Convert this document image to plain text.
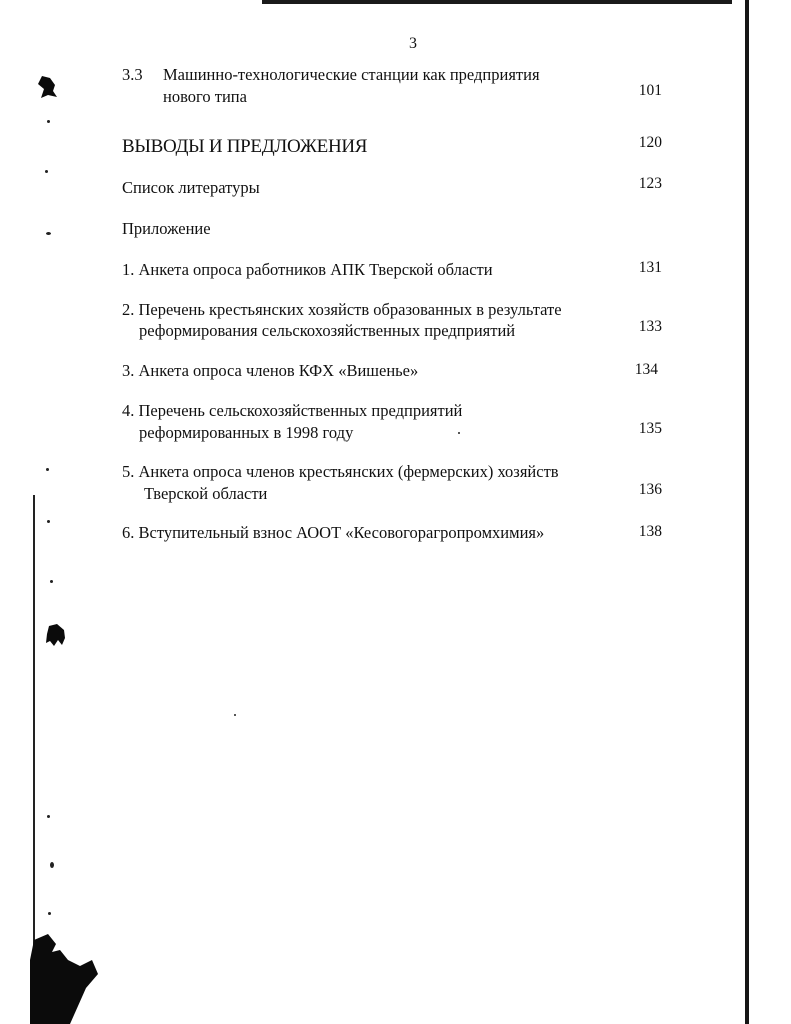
3
3.3 Машинно-технологические станции как предприятия
нового типа	101
ВЫВОДЫ И ПРЕДЛОЖЕНИЯ	120
Список литературы	123
Приложение
1. Анкета опроса работников АПК Тверской области	131
2. Перечень крестьянских хозяйств образованных в результате
реформирования сельскохозяйственных предприятий	133
3. Анкета опроса членов КФХ «Вишенье»	134
4. Перечень сельскохозяйственных предприятий
реформированных в 1998 году	135
5. Анкета опроса членов крестьянских (фермерских) хозяйств
Тверской области	136
6. Вступительный взнос АООТ «Кесовогорагропромхимия»	138
